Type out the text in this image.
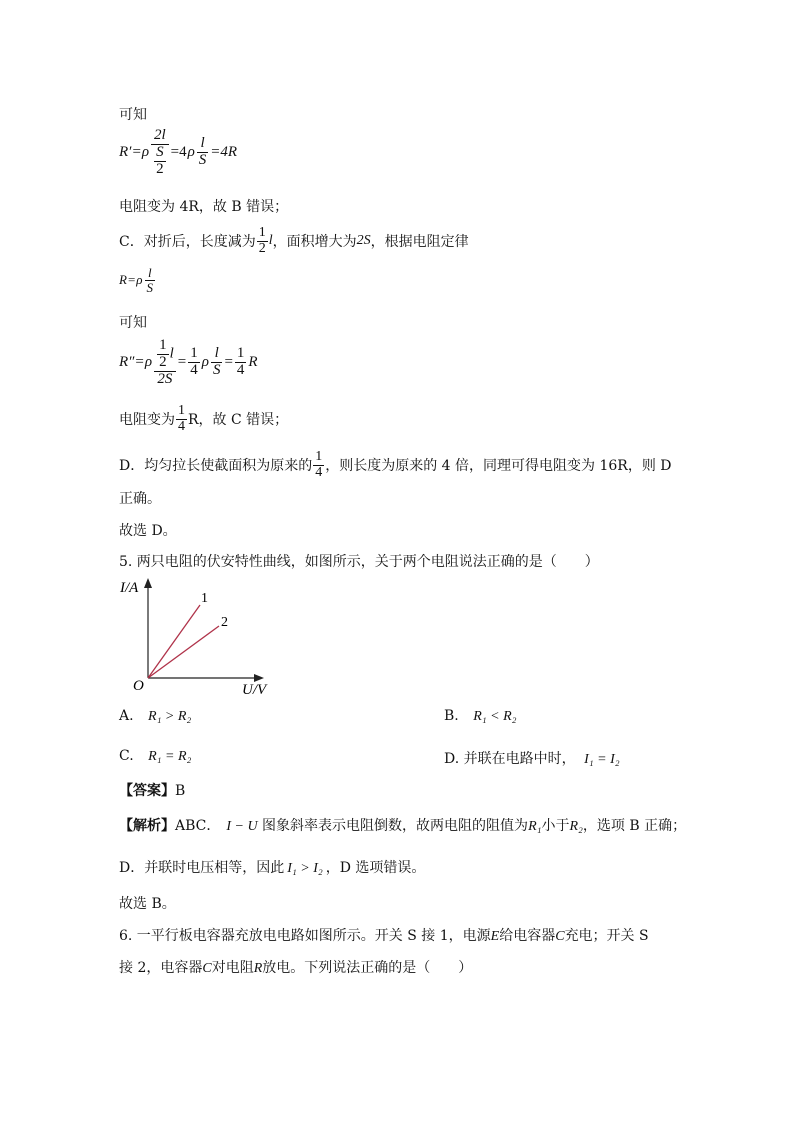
可知
R′ = ρ $\frac{2l}{\frac{S}{2}} =4$ ρ $\frac{l}{S} =4R$
电阻变为 4R，故 B 错误；
C．对折后，长度减为 $\frac{1}{2}$ l ，面积增大为 2S ，根据电阻定律
R = ρ $\frac{l}{S}$
可知
R″ = ρ $\frac{\frac{1}{2} l}{2S} = \frac{1}{4}$ ρ $\frac{l}{S} = \frac{1}{4}$ R
电阻变为 $\frac{1}{4}$ R，故 C 错误；
D．均匀拉长使截面积为原来的 $\frac{1}{4}$ ，则长度为原来的 4 倍，同理可得电阻变为 16R，则 D
正确。
故选 D。
5. 两只电阻的伏安特性曲线，如图所示，关于两个电阻说法正确的是（　　）
I/A
U/V
O
1
2
A. R₁ > R₂	B. R₁ < R₂
C. R₁ = R₂	D. 并联在电路中时， I₁ = I₂
【答案】B
【解析】ABC． I − U 图象斜率表示电阻倒数，故两电阻的阻值为R₁小于R₂，选项 B 正确；
D．并联时电压相等，因此 I₁ > I₂ ，D 选项错误。
故选 B。
6. 一平行板电容器充放电电路如图所示。开关 S 接 1，电源E给电容器C充电；开关 S
接 2，电容器C对电阻R放电。下列说法正确的是（　　）
